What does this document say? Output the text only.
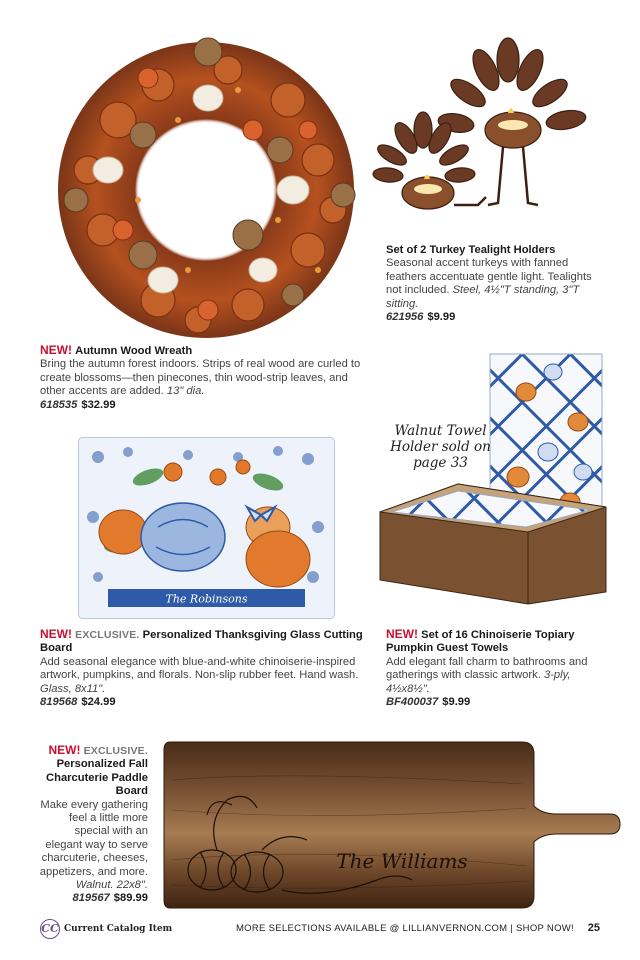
Set of 2 Turkey Tealight Holders
Seasonal accent turkeys with fanned feathers accentuate gentle light. Tealights not included. Steel, 4½"T standing, 3"T sitting.
621956 $9.99
NEW! Autumn Wood Wreath
Bring the autumn forest indoors. Strips of real wood are curled to create blossoms—then pinecones, thin wood-strip leaves, and other accents are added. 13" dia.
618535 $32.99
The Robinsons
Walnut Towel Holder sold on page 33
NEW! EXCLUSIVE. Personalized Thanksgiving Glass Cutting Board
Add seasonal elegance with blue-and-white chinoiserie-inspired artwork, pumpkins, and florals. Non-slip rubber feet. Hand wash. Glass, 8x11".
819568 $24.99
NEW! Set of 16 Chinoiserie Topiary Pumpkin Guest Towels
Add elegant fall charm to bathrooms and gatherings with classic artwork. 3-ply, 4½x8½".
BF400037 $9.99
NEW! EXCLUSIVE.
Personalized Fall Charcuterie Paddle Board
Make every gathering feel a little more special with an elegant way to serve charcuterie, cheeses, appetizers, and more. Walnut. 22x8".
819567 $89.99
The Williams
CC Current Catalog Item	MORE SELECTIONS AVAILABLE @ LILLIANVERNON.COM | SHOP NOW! 25
